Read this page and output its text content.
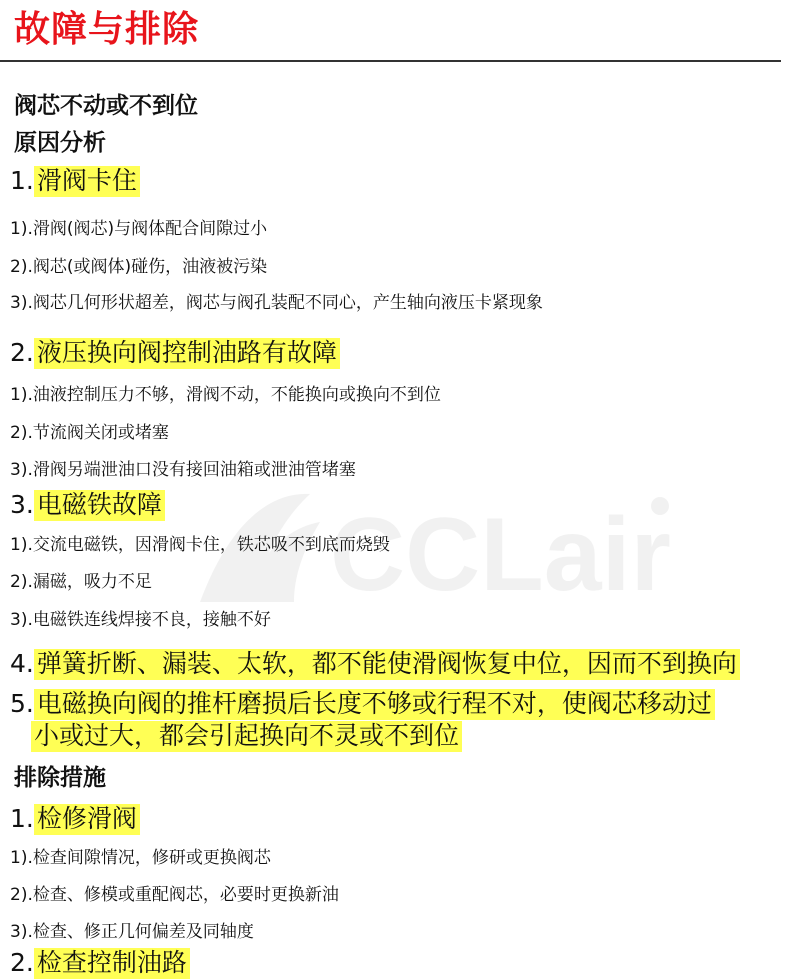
故障与排除
CCLair
阀芯不动或不到位
原因分析
1. 滑阀卡住
1).滑阀(阀芯)与阀体配合间隙过小
2).阀芯(或阀体)碰伤，油液被污染
3).阀芯几何形状超差，阀芯与阀孔装配不同心，产生轴向液压卡紧现象
2. 液压换向阀控制油路有故障
1).油液控制压力不够，滑阀不动，不能换向或换向不到位
2).节流阀关闭或堵塞
3).滑阀另端泄油口没有接回油箱或泄油管堵塞
3. 电磁铁故障
1).交流电磁铁，因滑阀卡住，铁芯吸不到底而烧毁
2).漏磁，吸力不足
3).电磁铁连线焊接不良，接触不好
4. 弹簧折断、漏装、太软，都不能使滑阀恢复中位，因而不到换向
5. 电磁换向阀的推杆磨损后长度不够或行程不对，使阀芯移动过
小或过大，都会引起换向不灵或不到位
排除措施
1. 检修滑阀
1).检查间隙情况，修研或更换阀芯
2).检查、修模或重配阀芯，必要时更换新油
3).检查、修正几何偏差及同轴度
2. 检查控制油路
